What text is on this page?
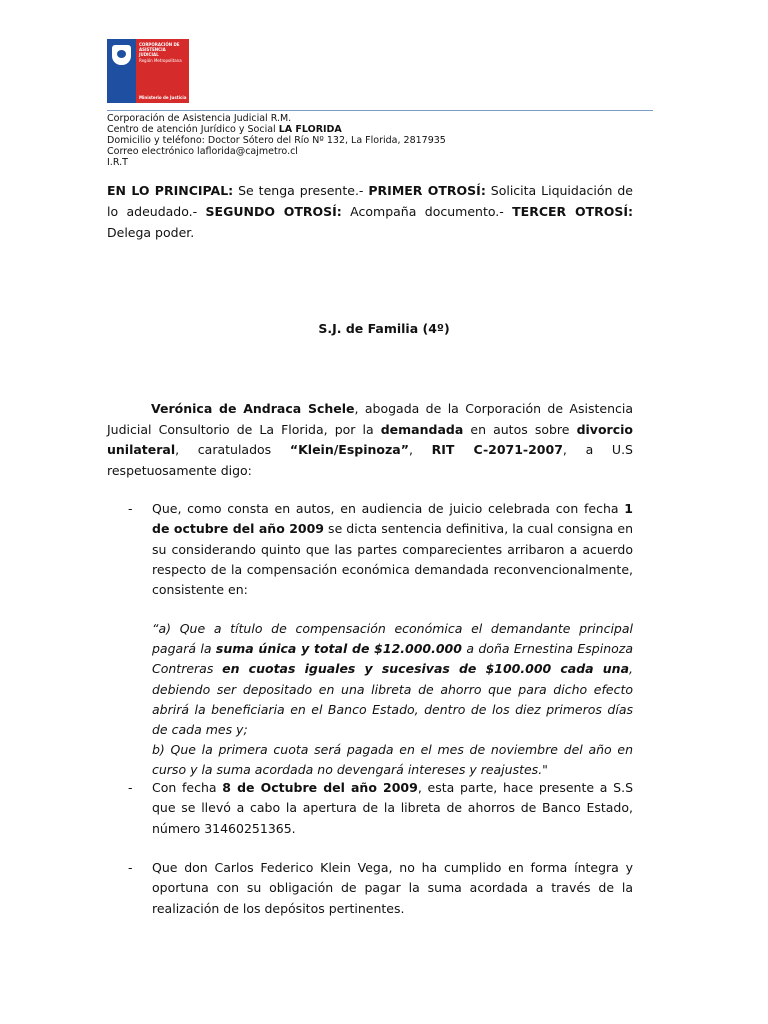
CORPORACIÓN DE ASISTENCIA JUDICIAL
Región Metropolitana
Ministerio de Justicia
Corporación de Asistencia Judicial R.M.
Centro de atención Jurídico y Social LA FLORIDA
Domicilio y teléfono: Doctor Sótero del Río Nº 132, La Florida, 2817935
Correo electrónico laflorida@cajmetro.cl
I.R.T
EN LO PRINCIPAL: Se tenga presente.- PRIMER OTROSÍ: Solicita Liquidación de lo adeudado.- SEGUNDO OTROSÍ: Acompaña documento.- TERCER OTROSÍ: Delega poder.
S.J. de Familia (4º)
Verónica de Andraca Schele, abogada de la Corporación de Asistencia Judicial Consultorio de La Florida, por la demandada en autos sobre divorcio unilateral, caratulados “Klein/Espinoza”, RIT C-2071-2007, a U.S respetuosamente digo:
- Que, como consta en autos, en audiencia de juicio celebrada con fecha 1 de octubre del año 2009 se dicta sentencia definitiva, la cual consigna en su considerando quinto que las partes comparecientes arribaron a acuerdo respecto de la compensación económica demandada reconvencionalmente, consistente en:

“a) Que a título de compensación económica el demandante principal pagará la suma única y total de $12.000.000 a doña Ernestina Espinoza Contreras en cuotas iguales y sucesivas de $100.000 cada una, debiendo ser depositado en una libreta de ahorro que para dicho efecto abrirá la beneficiaria en el Banco Estado, dentro de los diez primeros días de cada mes y;

b) Que la primera cuota será pagada en el mes de noviembre del año en curso y la suma acordada no devengará intereses y reajustes."

- Con fecha 8 de Octubre del año 2009, esta parte, hace presente a S.S que se llevó a cabo la apertura de la libreta de ahorros de Banco Estado, número 31460251365.
- Que don Carlos Federico Klein Vega, no ha cumplido en forma íntegra y oportuna con su obligación de pagar la suma acordada a través de la realización de los depósitos pertinentes.
